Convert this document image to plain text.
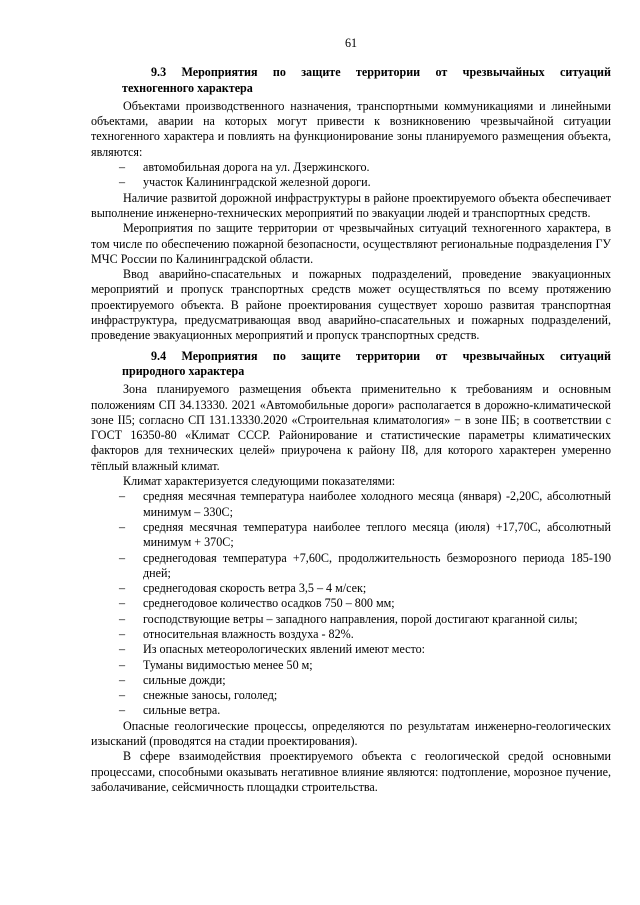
61
9.3 Мероприятия по защите территории от чрезвычайных ситуаций
техногенного характера

Объектами производственного назначения, транспортными коммуникациями и линейными объектами, аварии на которых могут привести к возникновению чрезвычайной ситуации техногенного характера и повлиять на функционирование зоны планируемого размещения объекта, являются:

– автомобильная дорога на ул. Дзержинского.
– участок Калининградской железной дороги.

Наличие развитой дорожной инфраструктуры в районе проектируемого объекта обеспечивает выполнение инженерно-технических мероприятий по эвакуации людей и транспортных средств.

Мероприятия по защите территории от чрезвычайных ситуаций техногенного характера, в том числе по обеспечению пожарной безопасности, осуществляют региональные подразделения ГУ МЧС России по Калининградской области.

Ввод аварийно-спасательных и пожарных подразделений, проведение эвакуационных мероприятий и пропуск транспортных средств может осуществляться по всему протяжению проектируемого объекта. В районе проектирования существует хорошо развитая транспортная инфраструктура, предусматривающая ввод аварийно-спасательных и пожарных подразделений, проведение эвакуационных мероприятий и пропуск транспортных средств.

9.4 Мероприятия по защите территории от чрезвычайных ситуаций
природного характера

Зона планируемого размещения объекта применительно к требованиям и основным положениям СП 34.13330. 2021 «Автомобильные дороги» располагается в дорожно-климатической зоне II5; согласно СП 131.13330.2020 «Строительная климатология» − в зоне IIБ; в соответствии с ГОСТ 16350-80 «Климат СССР. Районирование и статистические параметры климатических факторов для технических целей» приурочена к району II8, для которого характерен умеренно тёплый влажный климат.

Климат характеризуется следующими показателями:

– средняя месячная температура наиболее холодного месяца (января) -2,20С, абсолютный минимум – 330С;
– средняя месячная температура наиболее теплого месяца (июля) +17,70С, абсолютный минимум + 370С;
– среднегодовая температура +7,60С, продолжительность безморозного периода 185-190 дней;
– среднегодовая скорость ветра 3,5 – 4 м/сек;
– среднегодовое количество осадков 750 – 800 мм;
– господствующие ветры – западного направления, порой достигают краганной силы;
– относительная влажность воздуха - 82%.
– Из опасных метеорологических явлений имеют место:
– Туманы видимостью менее 50 м;
– сильные дожди;
– снежные заносы, гололед;
– сильные ветра.

Опасные геологические процессы, определяются по результатам инженерно-геологических изысканий (проводятся на стадии проектирования).

В сфере взаимодействия проектируемого объекта с геологической средой основными процессами, способными оказывать негативное влияние являются: подтопление, морозное пучение, заболачивание, сейсмичность площадки строительства.
